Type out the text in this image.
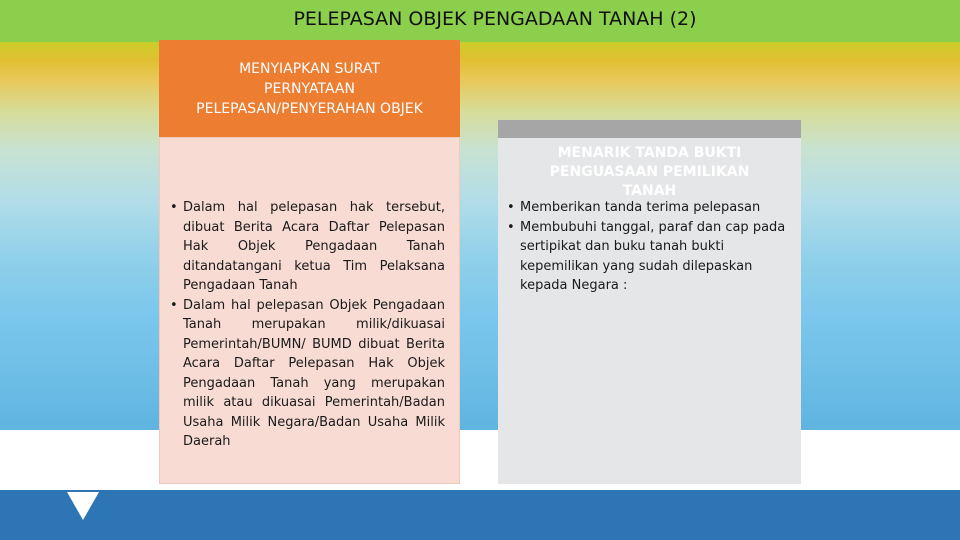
PELEPASAN OBJEK PENGADAAN TANAH (2)
MENYIAPKAN SURAT
PERNYATAAN
PELEPASAN/PENYERAHAN OBJEK
• Dalam hal pelepasan hak tersebut, dibuat Berita Acara Daftar Pelepasan Hak Objek Pengadaan Tanah ditandatangani ketua Tim Pelaksana Pengadaan Tanah
• Dalam hal pelepasan Objek Pengadaan Tanah merupakan milik/dikuasai Pemerintah/BUMN/ BUMD dibuat Berita Acara Daftar Pelepasan Hak Objek Pengadaan Tanah yang merupakan milik atau dikuasai Pemerintah/Badan Usaha Milik Negara/Badan Usaha Milik Daerah
MENARIK TANDA BUKTI
PENGUASAAN PEMILIKAN
TANAH
• Memberikan tanda terima pelepasan
• Membubuhi tanggal, paraf dan cap pada sertipikat dan buku tanah bukti kepemilikan yang sudah dilepaskan kepada Negara :
